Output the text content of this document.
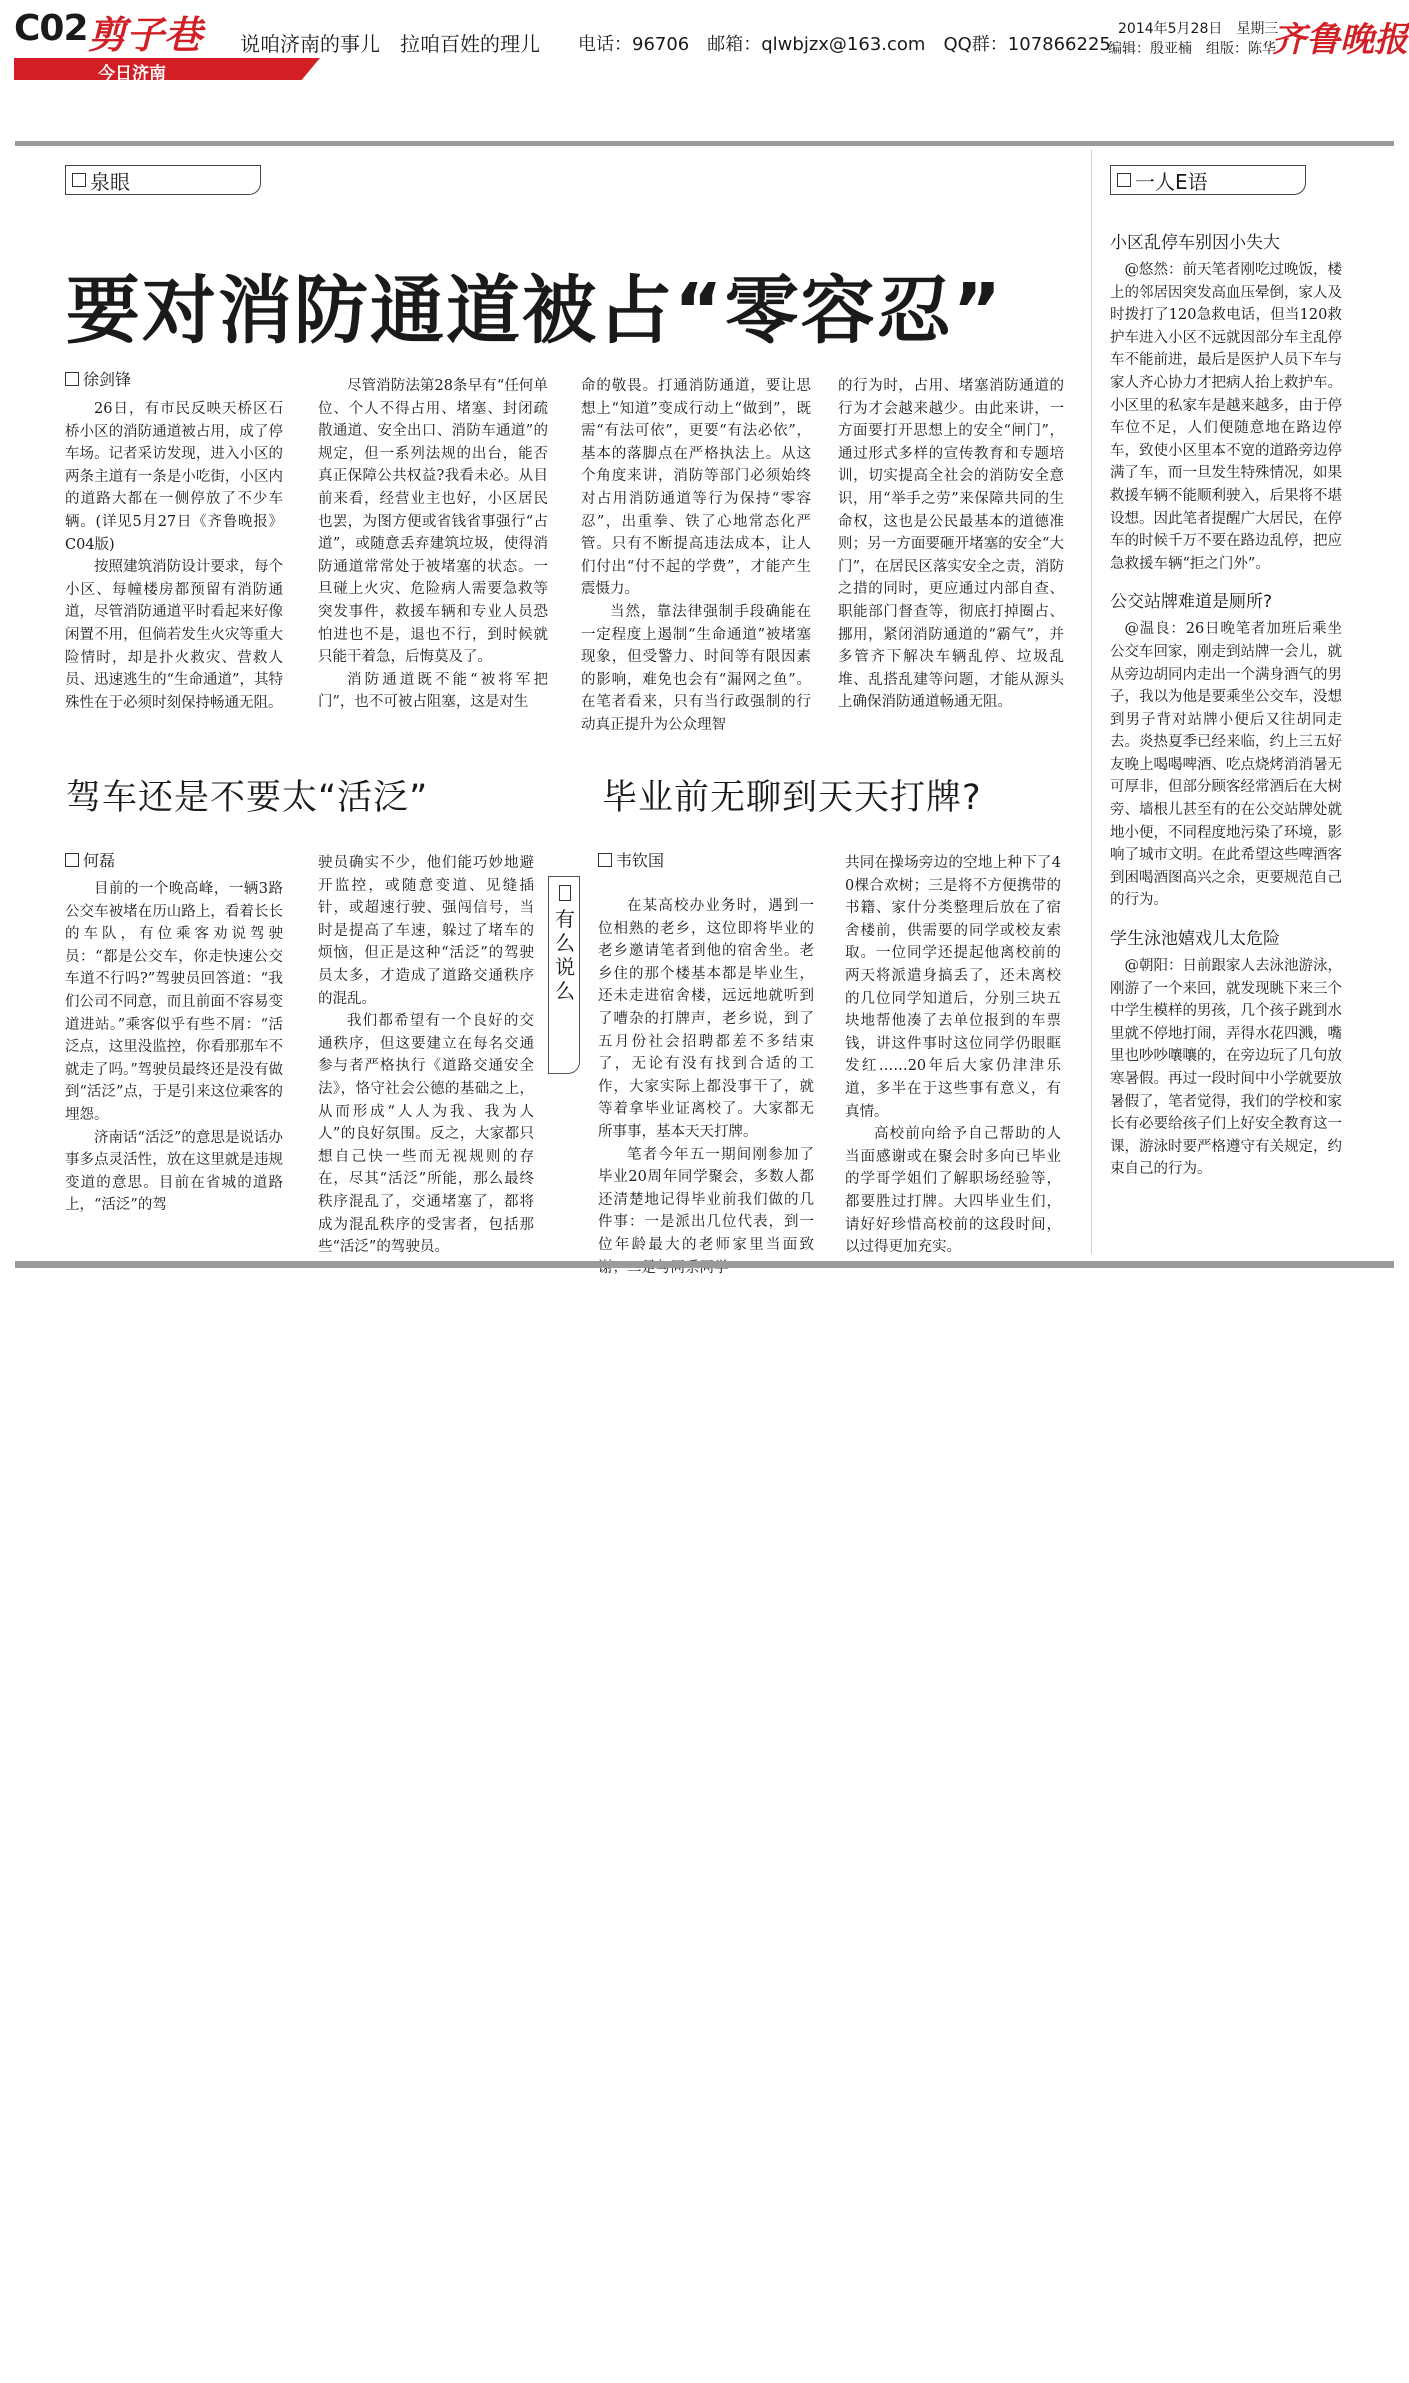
C02 剪子巷
今日济南
说咱济南的事儿　拉咱百姓的理儿 电话：96706　邮箱：qlwbjzx@163.com　QQ群：107866225
2014年5月28日　星期三
编辑：殷亚楠　组版：陈华
齐鲁晚报
泉眼	一人E语
要对消防通道被占“零容忍”
徐剑锋

26日，有市民反映天桥区石桥小区的消防通道被占用，成了停车场。记者采访发现，进入小区的两条主道有一条是小吃街，小区内的道路大都在一侧停放了不少车辆。(详见5月27日《齐鲁晚报》C04版)

按照建筑消防设计要求，每个小区、每幢楼房都预留有消防通道，尽管消防通道平时看起来好像闲置不用，但倘若发生火灾等重大险情时，却是扑火救灾、营救人员、迅速逃生的“生命通道”，其特殊性在于必须时刻保持畅通无阻。

尽管消防法第28条早有“任何单位、个人不得占用、堵塞、封闭疏散通道、安全出口、消防车通道”的规定，但一系列法规的出台，能否真正保障公共权益?我看未必。从目前来看，经营业主也好，小区居民也罢，为图方便或省钱省事强行“占道”，或随意丢弃建筑垃圾，使得消防通道常常处于被堵塞的状态。一旦碰上火灾、危险病人需要急救等突发事件，救援车辆和专业人员恐怕进也不是，退也不行，到时候就只能干着急，后悔莫及了。

消防通道既不能“被将军把门”，也不可被占阻塞，这是对生

命的敬畏。打通消防通道，要让思想上“知道”变成行动上“做到”，既需“有法可依”，更要“有法必依”，基本的落脚点在严格执法上。从这个角度来讲，消防等部门必须始终对占用消防通道等行为保持“零容忍”，出重拳、铁了心地常态化严管。只有不断提高违法成本，让人们付出“付不起的学费”，才能产生震慑力。

当然，靠法律强制手段确能在一定程度上遏制“生命通道”被堵塞现象，但受警力、时间等有限因素的影响，难免也会有“漏网之鱼”。在笔者看来，只有当行政强制的行动真正提升为公众理智

的行为时，占用、堵塞消防通道的行为才会越来越少。由此来讲，一方面要打开思想上的安全“闸门”，通过形式多样的宣传教育和专题培训，切实提高全社会的消防安全意识，用“举手之劳”来保障共同的生命权，这也是公民最基本的道德准则；另一方面要砸开堵塞的安全“大门”，在居民区落实安全之责，消防之措的同时，更应通过内部自查、职能部门督查等，彻底打掉圈占、挪用，紧闭消防通道的“霸气”，并多管齐下解决车辆乱停、垃圾乱堆、乱搭乱建等问题，才能从源头上确保消防通道畅通无阻。

驾车还是不要太“活泛”
何磊

目前的一个晚高峰，一辆3路公交车被堵在历山路上，看着长长的车队，有位乘客劝说驾驶员：“都是公交车，你走快速公交车道不行吗?”驾驶员回答道：“我们公司不同意，而且前面不容易变道进站。”乘客似乎有些不屑：“活泛点，这里没监控，你看那那车不就走了吗。”驾驶员最终还是没有做到“活泛”点，于是引来这位乘客的埋怨。

济南话“活泛”的意思是说话办事多点灵活性，放在这里就是违规变道的意思。目前在省城的道路上，“活泛”的驾

驶员确实不少，他们能巧妙地避开监控，或随意变道、见缝插针，或超速行驶、强闯信号，当时是提高了车速，躲过了堵车的烦恼，但正是这种“活泛”的驾驶员太多，才造成了道路交通秩序的混乱。

我们都希望有一个良好的交通秩序，但这要建立在每名交通参与者严格执行《道路交通安全法》，恪守社会公德的基础之上，从而形成“人人为我、我为人人”的良好氛围。反之，大家都只想自己快一些而无视规则的存在，尽其“活泛”所能，那么最终秩序混乱了，交通堵塞了，都将成为混乱秩序的受害者，包括那些“活泛”的驾驶员。

有么说么
毕业前无聊到天天打牌?
韦钦国

在某高校办业务时，遇到一位相熟的老乡，这位即将毕业的老乡邀请笔者到他的宿舍坐。老乡住的那个楼基本都是毕业生，还未走进宿舍楼，远远地就听到了嘈杂的打牌声，老乡说，到了五月份社会招聘都差不多结束了，无论有没有找到合适的工作，大家实际上都没事干了，就等着拿毕业证离校了。大家都无所事事，基本天天打牌。

笔者今年五一期间刚参加了毕业20周年同学聚会，多数人都还清楚地记得毕业前我们做的几件事：一是派出几位代表，到一位年龄最大的老师家里当面致

共同在操场旁边的空地上种下了40棵合欢树；三是将不方便携带的书籍、家什分类整理后放在了宿舍楼前，供需要的同学或校友索取。一位同学还提起他离校前的两天将派遣身搞丢了，还未离校的几位同学知道后，分别三块五块地帮他凑了去单位报到的车票钱，讲这件事时这位同学仍眼眶发红……20年后大家仍津津乐道，多半在于这些事有意义，有真情。

高校前向给予自己帮助的人当面感谢或在聚会时多向已毕业的学哥学姐们了解职场经验等，都要胜过打牌。大四毕业生们，请好好珍惜高校前的这段时间，以过得更加充实。

小区乱停车别因小失大

@悠然：前天笔者刚吃过晚饭，楼上的邻居因突发高血压晕倒，家人及时拨打了120急救电话，但当120救护车进入小区不远就因部分车主乱停车不能前进，最后是医护人员下车与家人齐心协力才把病人抬上救护车。小区里的私家车是越来越多，由于停车位不足，人们便随意地在路边停车，致使小区里本不宽的道路旁边停满了车，而一旦发生特殊情况，如果救援车辆不能顺利驶入，后果将不堪设想。因此笔者提醒广大居民，在停车的时候千万不要在路边乱停，把应急救援车辆“拒之门外”。

公交站牌难道是厕所?

@温良：26日晚笔者加班后乘坐公交车回家，刚走到站牌一会儿，就从旁边胡同内走出一个满身酒气的男子，我以为他是要乘坐公交车，没想到男子背对站牌小便后又往胡同走去。炎热夏季已经来临，约上三五好友晚上喝喝啤酒、吃点烧烤消消暑无可厚非，但部分顾客经常酒后在大树旁、墙根儿甚至有的在公交站牌处就地小便，不同程度地污染了环境，影响了城市文明。在此希望这些啤酒客到困喝酒图高兴之余，更要规范自己的行为。

学生泳池嬉戏儿太危险

@朝阳：日前跟家人去泳池游泳，刚游了一个来回，就发现眺下来三个中学生模样的男孩，几个孩子跳到水里就不停地打闹，弄得水花四溅，嘴里也吵吵嚷嚷的，在旁边玩了几句放寒暑假。再过一段时间中小学就要放暑假了，笔者觉得，我们的学校和家长有必要给孩子们上好安全教育这一课，游泳时要严格遵守有关规定，约束自己的行为。
